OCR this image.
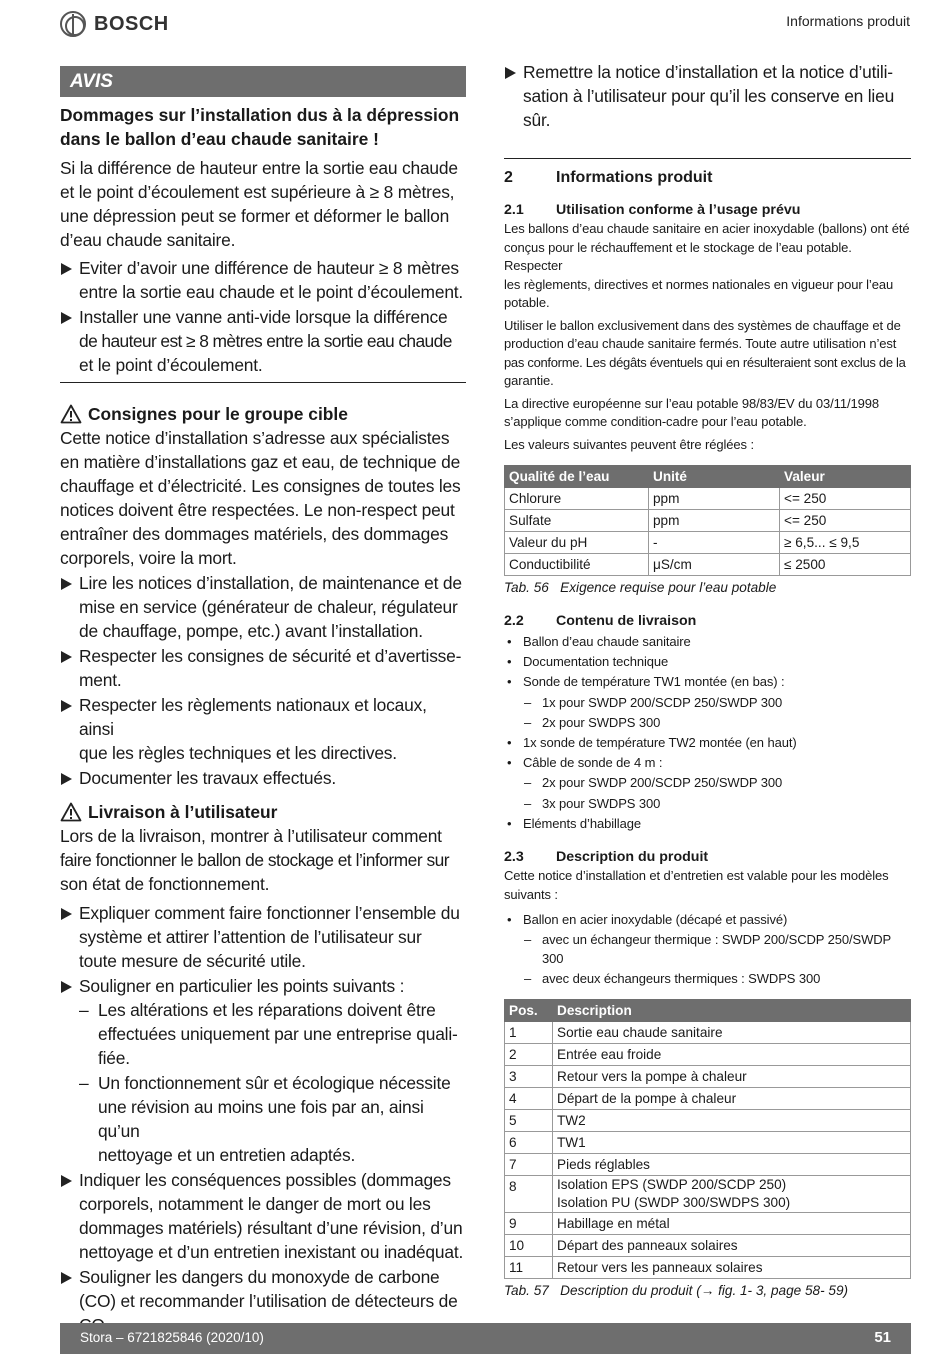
BOSCH	Informations produit
AVIS
Dommages sur l’installation dus à la dépression
dans le ballon d’eau chaude sanitaire !
Si la différence de hauteur entre la sortie eau chaude
et le point d’écoulement est supérieure à ≥ 8 mètres,
une dépression peut se former et déformer le ballon
d’eau chaude sanitaire.
Eviter d’avoir une différence de hauteur ≥ 8 mètres
entre la sortie eau chaude et le point d’écoulement.
Installer une vanne anti-vide lorsque la différence
de hauteur est ≥ 8 mètres entre la sortie eau chaude
et le point d’écoulement.
Consignes pour le groupe cible
Cette notice d’installation s’adresse aux spécialistes
en matière d’installations gaz et eau, de technique de
chauffage et d’électricité. Les consignes de toutes les
notices doivent être respectées. Le non-respect peut
entraîner des dommages matériels, des dommages
corporels, voire la mort.
Lire les notices d’installation, de maintenance et de
mise en service (générateur de chaleur, régulateur
de chauffage, pompe, etc.) avant l’installation.
Respecter les consignes de sécurité et d’avertisse-
ment.
Respecter les règlements nationaux et locaux, ainsi
que les règles techniques et les directives.
Documenter les travaux effectués.
Livraison à l’utilisateur
Lors de la livraison, montrer à l’utilisateur comment
faire fonctionner le ballon de stockage et l’informer sur
son état de fonctionnement.
Expliquer comment faire fonctionner l’ensemble du
système et attirer l’attention de l’utilisateur sur
toute mesure de sécurité utile.
Souligner en particulier les points suivants :
– Les altérations et les réparations doivent être
effectuées uniquement par une entreprise quali-
fiée.
– Un fonctionnement sûr et écologique nécessite
une révision au moins une fois par an, ainsi qu’un
nettoyage et un entretien adaptés.
Indiquer les conséquences possibles (dommages
corporels, notamment le danger de mort ou les
dommages matériels) résultant d’une révision, d’un
nettoyage et d’un entretien inexistant ou inadéquat.
Souligner les dangers du monoxyde de carbone
(CO) et recommander l’utilisation de détecteurs de
Remettre la notice d’installation et la notice d’utili-
sation à l’utilisateur pour qu’il les conserve en lieu
sûr.
2	Informations produit
2.1	Utilisation conforme à l’usage prévu
Les ballons d’eau chaude sanitaire en acier inoxydable (ballons) ont été
conçus pour le réchauffement et le stockage de l’eau potable. Respecter
les règlements, directives et normes nationales en vigueur pour l’eau
potable.
Utiliser le ballon exclusivement dans des systèmes de chauffage et de
production d’eau chaude sanitaire fermés. Toute autre utilisation n’est
pas conforme. Les dégâts éventuels qui en résulteraient sont exclus de la
garantie.
La directive européenne sur l’eau potable 98/83/EV du 03/11/1998
s’applique comme condition-cadre pour l’eau potable.
Les valeurs suivantes peuvent être réglées :
Qualité de l’eau	Unité	Valeur
Chlorure	ppm	<= 250
Sulfate	ppm	<= 250
Valeur du pH	-	≥ 6,5... ≤ 9,5
Conductibilité	μS/cm	≤ 2500
Tab. 56   Exigence requise pour l’eau potable
2.2	Contenu de livraison
• Ballon d’eau chaude sanitaire
• Documentation technique
• Sonde de température TW1 montée (en bas) :
– 1x pour SWDP 200/SCDP 250/SWDP 300
– 2x pour SWDPS 300
• 1x sonde de température TW2 montée (en haut)
• Câble de sonde de 4 m :
– 2x pour SWDP 200/SCDP 250/SWDP 300
– 3x pour SWDPS 300
• Eléments d’habillage
2.3	Description du produit
Cette notice d’installation et d’entretien est valable pour les modèles
suivants :
• Ballon en acier inoxydable (décapé et passivé)
– avec un échangeur thermique : SWDP 200/SCDP 250/SWDP
300
– avec deux échangeurs thermiques : SWDPS 300
Pos.	Description
1	Sortie eau chaude sanitaire
2	Entrée eau froide
3	Retour vers la pompe à chaleur
4	Départ de la pompe à chaleur
5	TW2
6	TW1
7	Pieds réglables
8	Isolation EPS (SWDP 200/SCDP 250)
Isolation PU (SWDP 300/SWDPS 300)
9	Habillage en métal
10	Départ des panneaux solaires
11	Retour vers les panneaux solaires
Tab. 57   Description du produit (→ fig. 1- 3, page 58- 59)
Stora – 6721825846 (2020/10)	51
